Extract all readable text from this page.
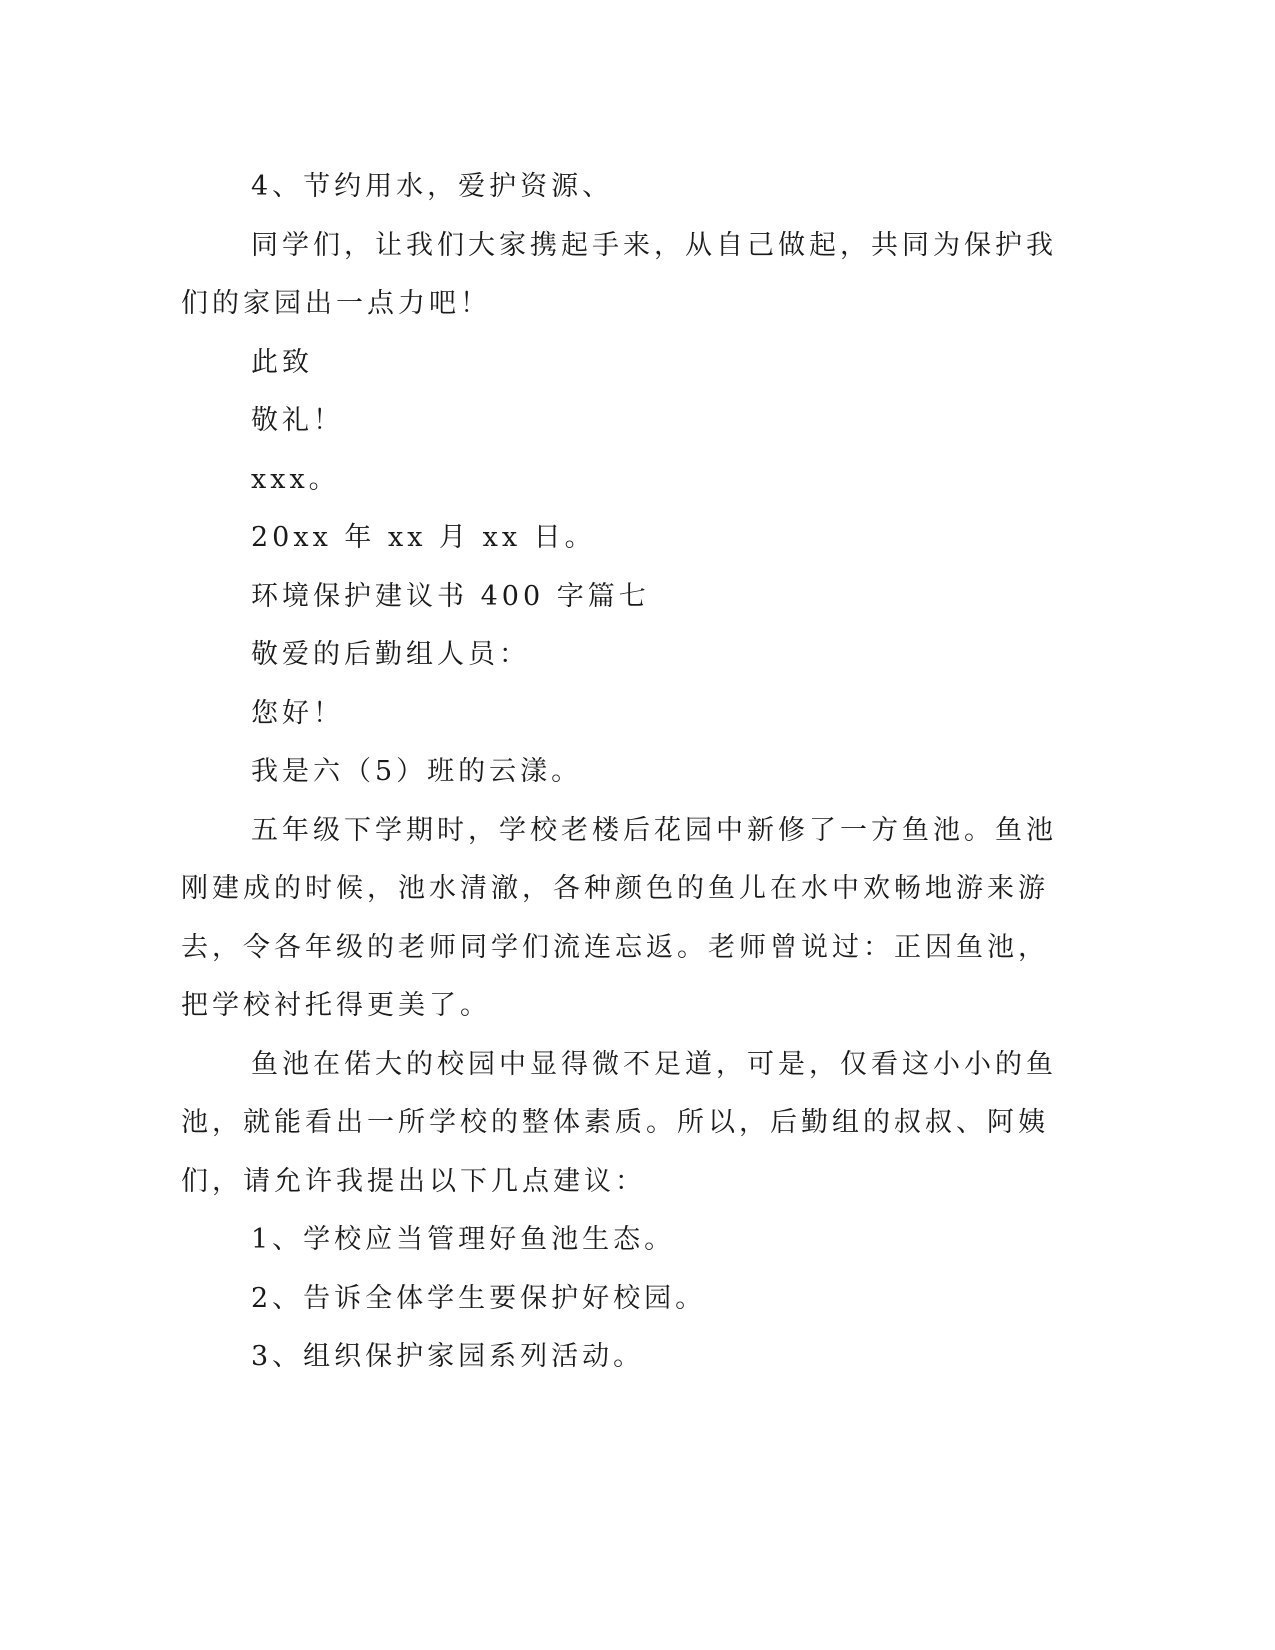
4、节约用水，爱护资源、

同学们，让我们大家携起手来，从自己做起，共同为保护我们的家园出一点力吧！

此致

敬礼！

xxx。

20xx 年 xx 月 xx 日。

环境保护建议书 400 字篇七

敬爱的后勤组人员：

您好！

我是六（5）班的云漾。

五年级下学期时，学校老楼后花园中新修了一方鱼池。鱼池刚建成的时候，池水清澈，各种颜色的鱼儿在水中欢畅地游来游去，令各年级的老师同学们流连忘返。老师曾说过：正因鱼池，把学校衬托得更美了。

鱼池在偌大的校园中显得微不足道，可是，仅看这小小的鱼池，就能看出一所学校的整体素质。所以，后勤组的叔叔、阿姨们，请允许我提出以下几点建议：

1、学校应当管理好鱼池生态。

2、告诉全体学生要保护好校园。

3、组织保护家园系列活动。
